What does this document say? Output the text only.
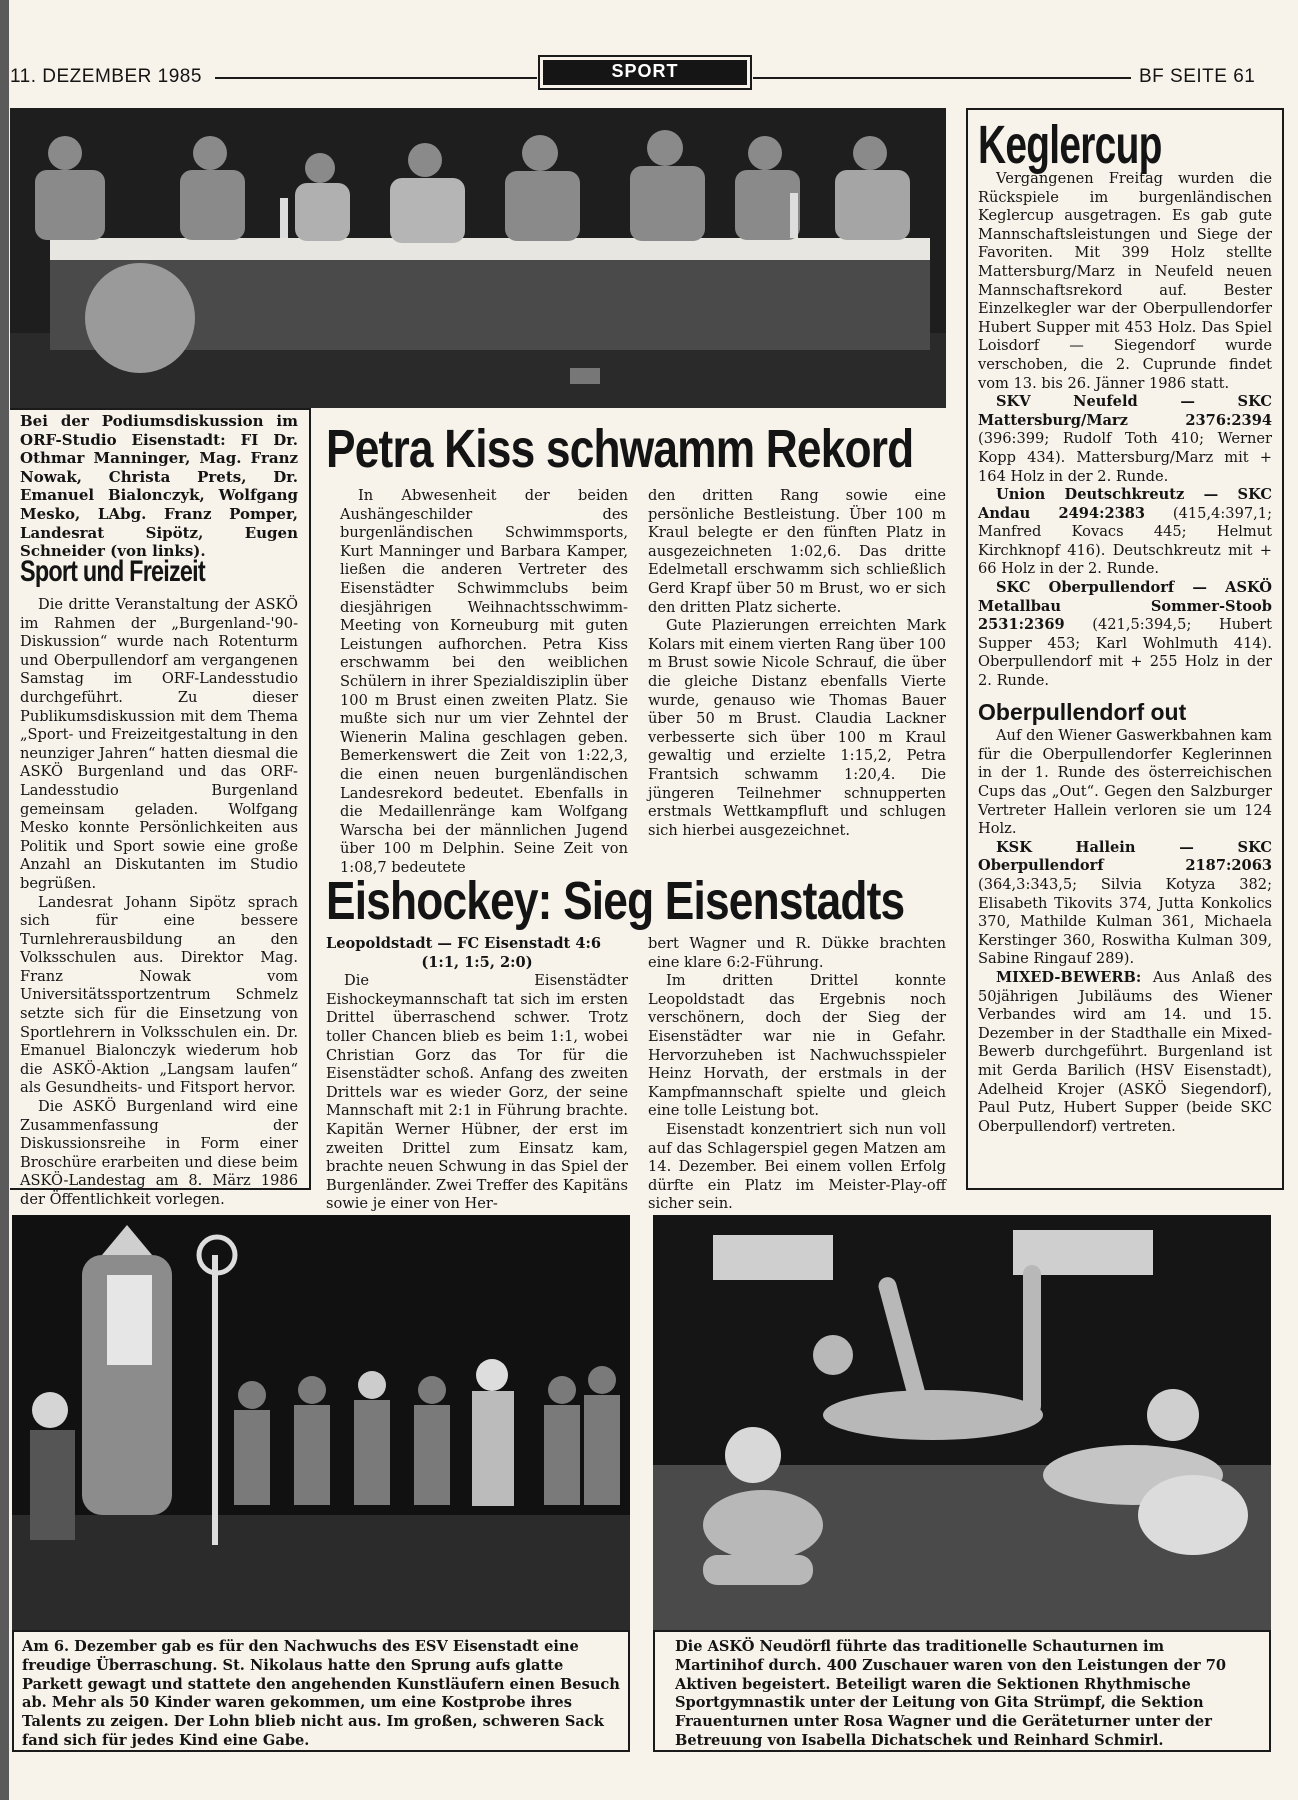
11. DEZEMBER 1985	SPORT	BF SEITE 61
Bei der Podiumsdiskussion im ORF-Studio Eisenstadt: FI Dr. Othmar Manninger, Mag. Franz Nowak, Christa Prets, Dr. Emanuel Bialonczyk, Wolfgang Mesko, LAbg. Franz Pomper, Landesrat Sipötz, Eugen Schneider (von links).
Sport und Freizeit

Die dritte Veranstaltung der ASKÖ im Rahmen der „Burgenland-'90-Diskussion“ wurde nach Rotenturm und Oberpullendorf am vergangenen Samstag im ORF-Landesstudio durchgeführt. Zu dieser Publikumsdiskussion mit dem Thema „Sport- und Freizeitgestaltung in den neunziger Jahren“ hatten diesmal die ASKÖ Burgenland und das ORF-Landesstudio Burgenland gemeinsam geladen. Wolfgang Mesko konnte Persönlichkeiten aus Politik und Sport sowie eine große Anzahl an Diskutanten im Studio begrüßen.

Landesrat Johann Sipötz sprach sich für eine bessere Turnlehrerausbildung an den Volksschulen aus. Direktor Mag. Franz Nowak vom Universitätssportzentrum Schmelz setzte sich für die Einsetzung von Sportlehrern in Volksschulen ein. Dr. Emanuel Bialonczyk wiederum hob die ASKÖ-Aktion „Langsam laufen“ als Gesundheits- und Fitsport hervor.

Die ASKÖ Burgenland wird eine Zusammenfassung der Diskussionsreihe in Form einer Broschüre erarbeiten und diese beim ASKÖ-Landestag am 8. März 1986 der Öffentlichkeit vorlegen.

Petra Kiss schwamm Rekord

In Abwesenheit der beiden Aushängeschilder des burgenländischen Schwimmsports, Kurt Manninger und Barbara Kamper, ließen die anderen Vertreter des Eisenstädter Schwimmclubs beim diesjährigen Weihnachtsschwimm-Meeting von Korneuburg mit guten Leistungen aufhorchen. Petra Kiss erschwamm bei den weiblichen Schülern in ihrer Spezialdisziplin über 100 m Brust einen zweiten Platz. Sie mußte sich nur um vier Zehntel der Wienerin Malina geschlagen geben. Bemerkenswert die Zeit von 1:22,3, die einen neuen burgenländischen Landesrekord bedeutet. Ebenfalls in die Medaillenränge kam Wolfgang Warscha bei der männlichen Jugend über 100 m Delphin. Seine Zeit von 1:08,7 bedeutete

den dritten Rang sowie eine persönliche Bestleistung. Über 100 m Kraul belegte er den fünften Platz in ausgezeichneten 1:02,6. Das dritte Edelmetall erschwamm sich schließlich Gerd Krapf über 50 m Brust, wo er sich den dritten Platz sicherte.

Gute Plazierungen erreichten Mark Kolars mit einem vierten Rang über 100 m Brust sowie Nicole Schrauf, die über die gleiche Distanz ebenfalls Vierte wurde, genauso wie Thomas Bauer über 50 m Brust. Claudia Lackner verbesserte sich über 100 m Kraul gewaltig und erzielte 1:15,2, Petra Frantsich schwamm 1:20,4. Die jüngeren Teilnehmer schnupperten erstmals Wettkampfluft und schlugen sich hierbei ausgezeichnet.

Eishockey: Sieg Eisenstadts
Leopoldstadt — FC Eisenstadt 4:6
(1:1, 1:5, 2:0)

Die Eisenstädter Eishockeymannschaft tat sich im ersten Drittel überraschend schwer. Trotz toller Chancen blieb es beim 1:1, wobei Christian Gorz das Tor für die Eisenstädter schoß. Anfang des zweiten Drittels war es wieder Gorz, der seine Mannschaft mit 2:1 in Führung brachte. Kapitän Werner Hübner, der erst im zweiten Drittel zum Einsatz kam, brachte neuen Schwung in das Spiel der Burgenländer. Zwei Treffer des Kapitäns sowie je einer von Her-

bert Wagner und R. Dükke brachten eine klare 6:2-Führung.

Im dritten Drittel konnte Leopoldstadt das Ergebnis noch verschönern, doch der Sieg der Eisenstädter war nie in Gefahr. Hervorzuheben ist Nachwuchsspieler Heinz Horvath, der erstmals in der Kampfmannschaft spielte und gleich eine tolle Leistung bot.

Eisenstadt konzentriert sich nun voll auf das Schlagerspiel gegen Matzen am 14. Dezember. Bei einem vollen Erfolg dürfte ein Platz im Meister-Play-off sicher sein.

Keglercup

Vergangenen Freitag wurden die Rückspiele im burgenländischen Keglercup ausgetragen. Es gab gute Mannschaftsleistungen und Siege der Favoriten. Mit 399 Holz stellte Mattersburg/Marz in Neufeld neuen Mannschaftsrekord auf. Bester Einzelkegler war der Oberpullendorfer Hubert Supper mit 453 Holz. Das Spiel Loisdorf — Siegendorf wurde verschoben, die 2. Cuprunde findet vom 13. bis 26. Jänner 1986 statt.

SKV Neufeld — SKC Mattersburg/Marz 2376:2394 (396:399; Rudolf Toth 410; Werner Kopp 434). Mattersburg/Marz mit + 164 Holz in der 2. Runde.

Union Deutschkreutz — SKC Andau 2494:2383 (415,4:397,1; Manfred Kovacs 445; Helmut Kirchknopf 416). Deutschkreutz mit + 66 Holz in der 2. Runde.

SKC Oberpullendorf — ASKÖ Metallbau Sommer-Stoob 2531:2369 (421,5:394,5; Hubert Supper 453; Karl Wohlmuth 414). Oberpullendorf mit + 255 Holz in der 2. Runde.

Oberpullendorf out

Auf den Wiener Gaswerkbahnen kam für die Oberpullendorfer Keglerinnen in der 1. Runde des österreichischen Cups das „Out“. Gegen den Salzburger Vertreter Hallein verloren sie um 124 Holz.

KSK Hallein — SKC Oberpullendorf 2187:2063 (364,3:343,5; Silvia Kotyza 382; Elisabeth Tikovits 374, Jutta Konkolics 370, Mathilde Kulman 361, Michaela Kerstinger 360, Roswitha Kulman 309, Sabine Ringauf 289).

MIXED-BEWERB: Aus Anlaß des 50jährigen Jubiläums des Wiener Verbandes wird am 14. und 15. Dezember in der Stadthalle ein Mixed-Bewerb durchgeführt. Burgenland ist mit Gerda Barilich (HSV Eisenstadt), Adelheid Krojer (ASKÖ Siegendorf), Paul Putz, Hubert Supper (beide SKC Oberpullendorf) vertreten.

Am 6. Dezember gab es für den Nachwuchs des ESV Eisenstadt eine freudige Überraschung. St. Nikolaus hatte den Sprung aufs glatte Parkett gewagt und stattete den angehenden Kunstläufern einen Besuch ab. Mehr als 50 Kinder waren gekommen, um eine Kostprobe ihres Talents zu zeigen. Der Lohn blieb nicht aus. Im großen, schweren Sack fand sich für jedes Kind eine Gabe.
Die ASKÖ Neudörfl führte das traditionelle Schauturnen im Martinihof durch. 400 Zuschauer waren von den Leistungen der 70 Aktiven begeistert. Beteiligt waren die Sektionen Rhythmische Sportgymnastik unter der Leitung von Gita Strümpf, die Sektion Frauenturnen unter Rosa Wagner und die Geräteturner unter der Betreuung von Isabella Dichatschek und Reinhard Schmirl.
